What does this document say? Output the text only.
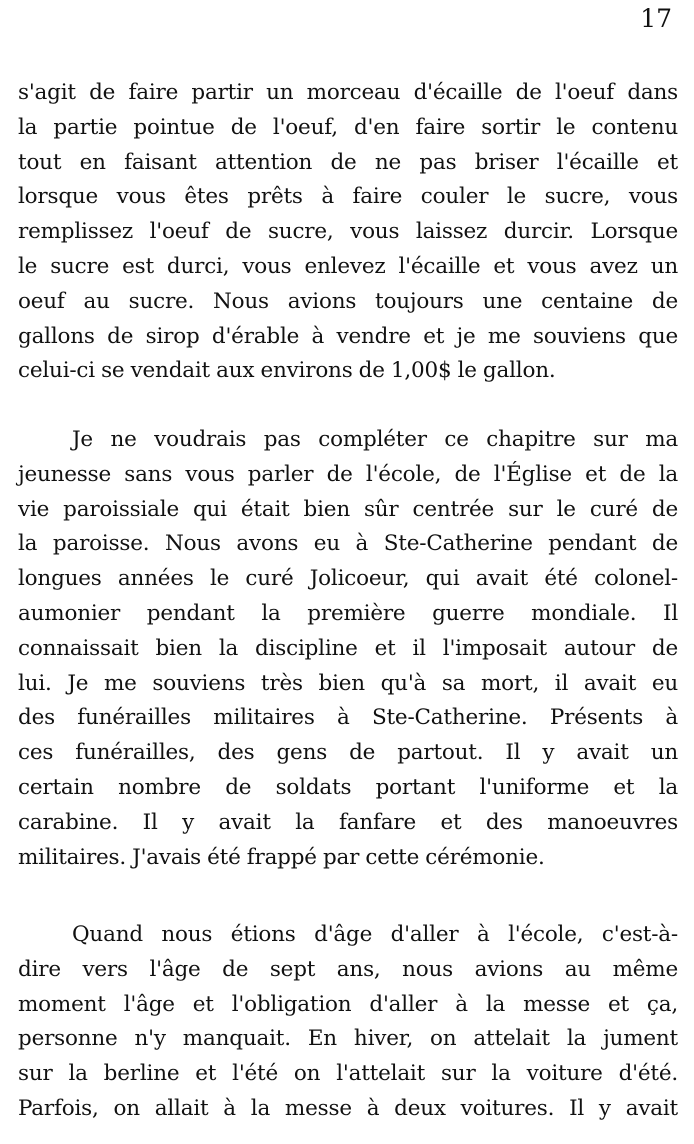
17
s'agit de faire partir un morceau d'écaille de l'oeuf dans
la partie pointue de l'oeuf, d'en faire sortir le contenu
tout en faisant attention de ne pas briser l'écaille et
lorsque vous êtes prêts à faire couler le sucre, vous
remplissez l'oeuf de sucre, vous laissez durcir. Lorsque
le sucre est durci, vous enlevez l'écaille et vous avez un
oeuf au sucre. Nous avions toujours une centaine de
gallons de sirop d'érable à vendre et je me souviens que
celui-ci se vendait aux environs de 1,00$ le gallon.
Je ne voudrais pas compléter ce chapitre sur ma
jeunesse sans vous parler de l'école, de l'Église et de la
vie paroissiale qui était bien sûr centrée sur le curé de
la paroisse. Nous avons eu à Ste-Catherine pendant de
longues années le curé Jolicoeur, qui avait été colonel-
aumonier pendant la première guerre mondiale. Il
connaissait bien la discipline et il l'imposait autour de
lui. Je me souviens très bien qu'à sa mort, il avait eu
des funérailles militaires à Ste-Catherine. Présents à
ces funérailles, des gens de partout. Il y avait un
certain nombre de soldats portant l'uniforme et la
carabine. Il y avait la fanfare et des manoeuvres
militaires. J'avais été frappé par cette cérémonie.
Quand nous étions d'âge d'aller à l'école, c'est-à-
dire vers l'âge de sept ans, nous avions au même
moment l'âge et l'obligation d'aller à la messe et ça,
personne n'y manquait. En hiver, on attelait la jument
sur la berline et l'été on l'attelait sur la voiture d'été.
Parfois, on allait à la messe à deux voitures. Il y avait
